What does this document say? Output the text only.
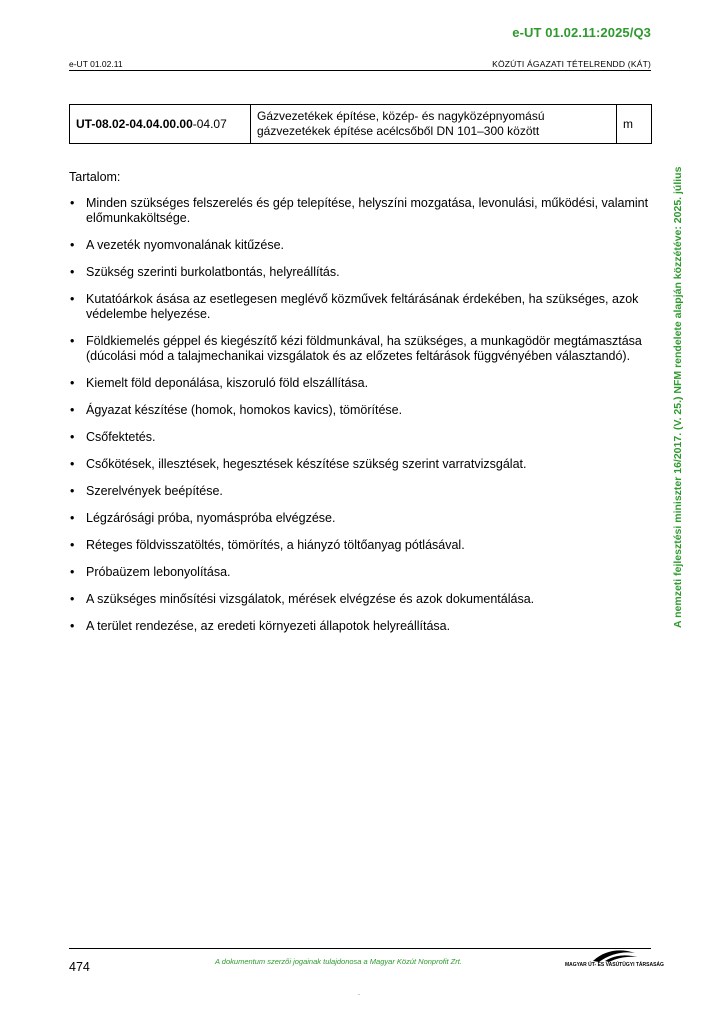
e-UT 01.02.11:2025/Q3
e-UT 01.02.11	KÖZÚTI ÁGAZATI TÉTELRENDD (KÁT)
A nemzeti fejlesztési miniszter 16/2017. (V. 25.) NFM rendelete alapján közzétéve: 2025. július
UT-08.02-04.04.00.00-04.07	Gázvezetékek építése, közép- és nagyközépnyomású gázvezetékek építése acélcsőből DN 101–300 között	m
Tartalom:
• Minden szükséges felszerelés és gép telepítése, helyszíni mozgatása, levonulási, működési, valamint előmunkaköltsége.
• A vezeték nyomvonalának kitűzése.
• Szükség szerinti burkolatbontás, helyreállítás.
• Kutatóárkok ásása az esetlegesen meglévő közművek feltárásának érdekében, ha szükséges, azok védelembe helyezése.
• Földkiemelés géppel és kiegészítő kézi földmunkával, ha szükséges, a munkagödör megtámasztása (dúcolási mód a talajmechanikai vizsgálatok és az előzetes feltárások függvényében választandó).
• Kiemelt föld deponálása, kiszoruló föld elszállítása.
• Ágyazat készítése (homok, homokos kavics), tömörítése.
• Csőfektetés.
• Csőkötések, illesztések, hegesztések készítése szükség szerint varratvizsgálat.
• Szerelvények beépítése.
• Légzárósági próba, nyomáspróba elvégzése.
• Réteges földvisszatöltés, tömörítés, a hiányzó töltőanyag pótlásával.
• Próbaüzem lebonyolítása.
• A szükséges minősítési vizsgálatok, mérések elvégzése és azok dokumentálása.
• A terület rendezése, az eredeti környezeti állapotok helyreállítása.
474	A dokumentum szerzői jogainak tulajdonosa a Magyar Közút Nonprofit Zrt.	MAGYAR ÚT- ÉS VASÚTÜGYI TÁRSASÁG
